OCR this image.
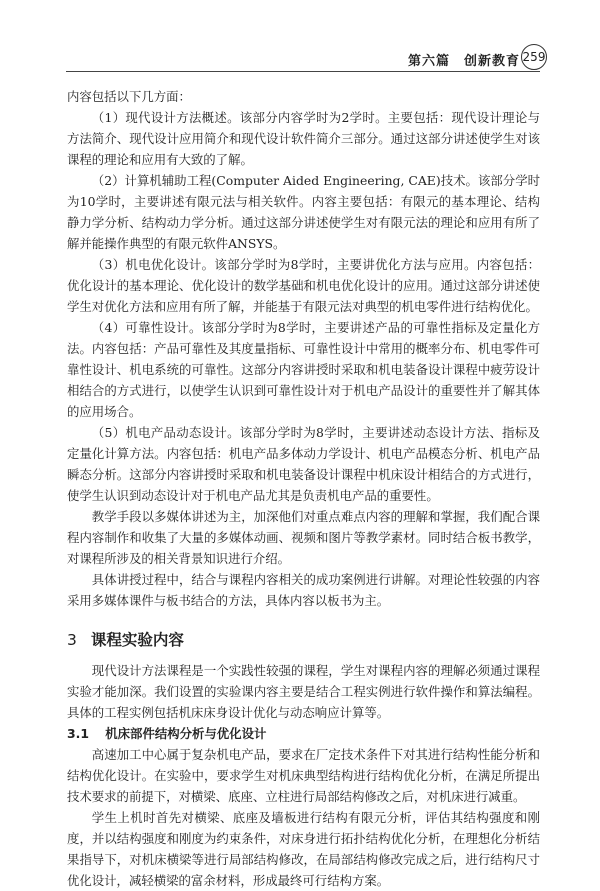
第六篇　创新教育 259

内容包括以下几方面：

（1）现代设计方法概述。该部分内容学时为2学时。主要包括：现代设计理论与方法简介、现代设计应用简介和现代设计软件简介三部分。通过这部分讲述使学生对该课程的理论和应用有大致的了解。

（2）计算机辅助工程(Computer Aided Engineering, CAE)技术。该部分学时为10学时，主要讲述有限元法与相关软件。内容主要包括：有限元的基本理论、结构静力学分析、结构动力学分析。通过这部分讲述使学生对有限元法的理论和应用有所了解并能操作典型的有限元软件ANSYS。

（3）机电优化设计。该部分学时为8学时，主要讲优化方法与应用。内容包括：优化设计的基本理论、优化设计的数学基础和机电优化设计的应用。通过这部分讲述使学生对优化方法和应用有所了解，并能基于有限元法对典型的机电零件进行结构优化。

（4）可靠性设计。该部分学时为8学时，主要讲述产品的可靠性指标及定量化方法。内容包括：产品可靠性及其度量指标、可靠性设计中常用的概率分布、机电零件可靠性设计、机电系统的可靠性。这部分内容讲授时采取和机电装备设计课程中疲劳设计相结合的方式进行，以使学生认识到可靠性设计对于机电产品设计的重要性并了解其体的应用场合。

（5）机电产品动态设计。该部分学时为8学时，主要讲述动态设计方法、指标及定量化计算方法。内容包括：机电产品多体动力学设计、机电产品模态分析、机电产品瞬态分析。这部分内容讲授时采取和机电装备设计课程中机床设计相结合的方式进行，使学生认识到动态设计对于机电产品尤其是负责机电产品的重要性。

教学手段以多媒体讲述为主，加深他们对重点难点内容的理解和掌握，我们配合课程内容制作和收集了大量的多媒体动画、视频和图片等教学素材。同时结合板书教学，对课程所涉及的相关背景知识进行介绍。

具体讲授过程中，结合与课程内容相关的成功案例进行讲解。对理论性较强的内容采用多媒体课件与板书结合的方法，具体内容以板书为主。

3 课程实验内容

现代设计方法课程是一个实践性较强的课程，学生对课程内容的理解必须通过课程实验才能加深。我们设置的实验课内容主要是结合工程实例进行软件操作和算法编程。具体的工程实例包括机床床身设计优化与动态响应计算等。

3.1 机床部件结构分析与优化设计

高速加工中心属于复杂机电产品，要求在厂定技术条件下对其进行结构性能分析和结构优化设计。在实验中，要求学生对机床典型结构进行结构优化分析，在满足所提出技术要求的前提下，对横梁、底座、立柱进行局部结构修改之后，对机床进行减重。

学生上机时首先对横梁、底座及墙板进行结构有限元分析，评估其结构强度和刚度，并以结构强度和刚度为约束条件，对床身进行拓扑结构优化分析，在理想化分析结果指导下，对机床横梁等进行局部结构修改，在局部结构修改完成之后，进行结构尺寸优化设计，减轻横梁的富余材料，形成最终可行结构方案。
